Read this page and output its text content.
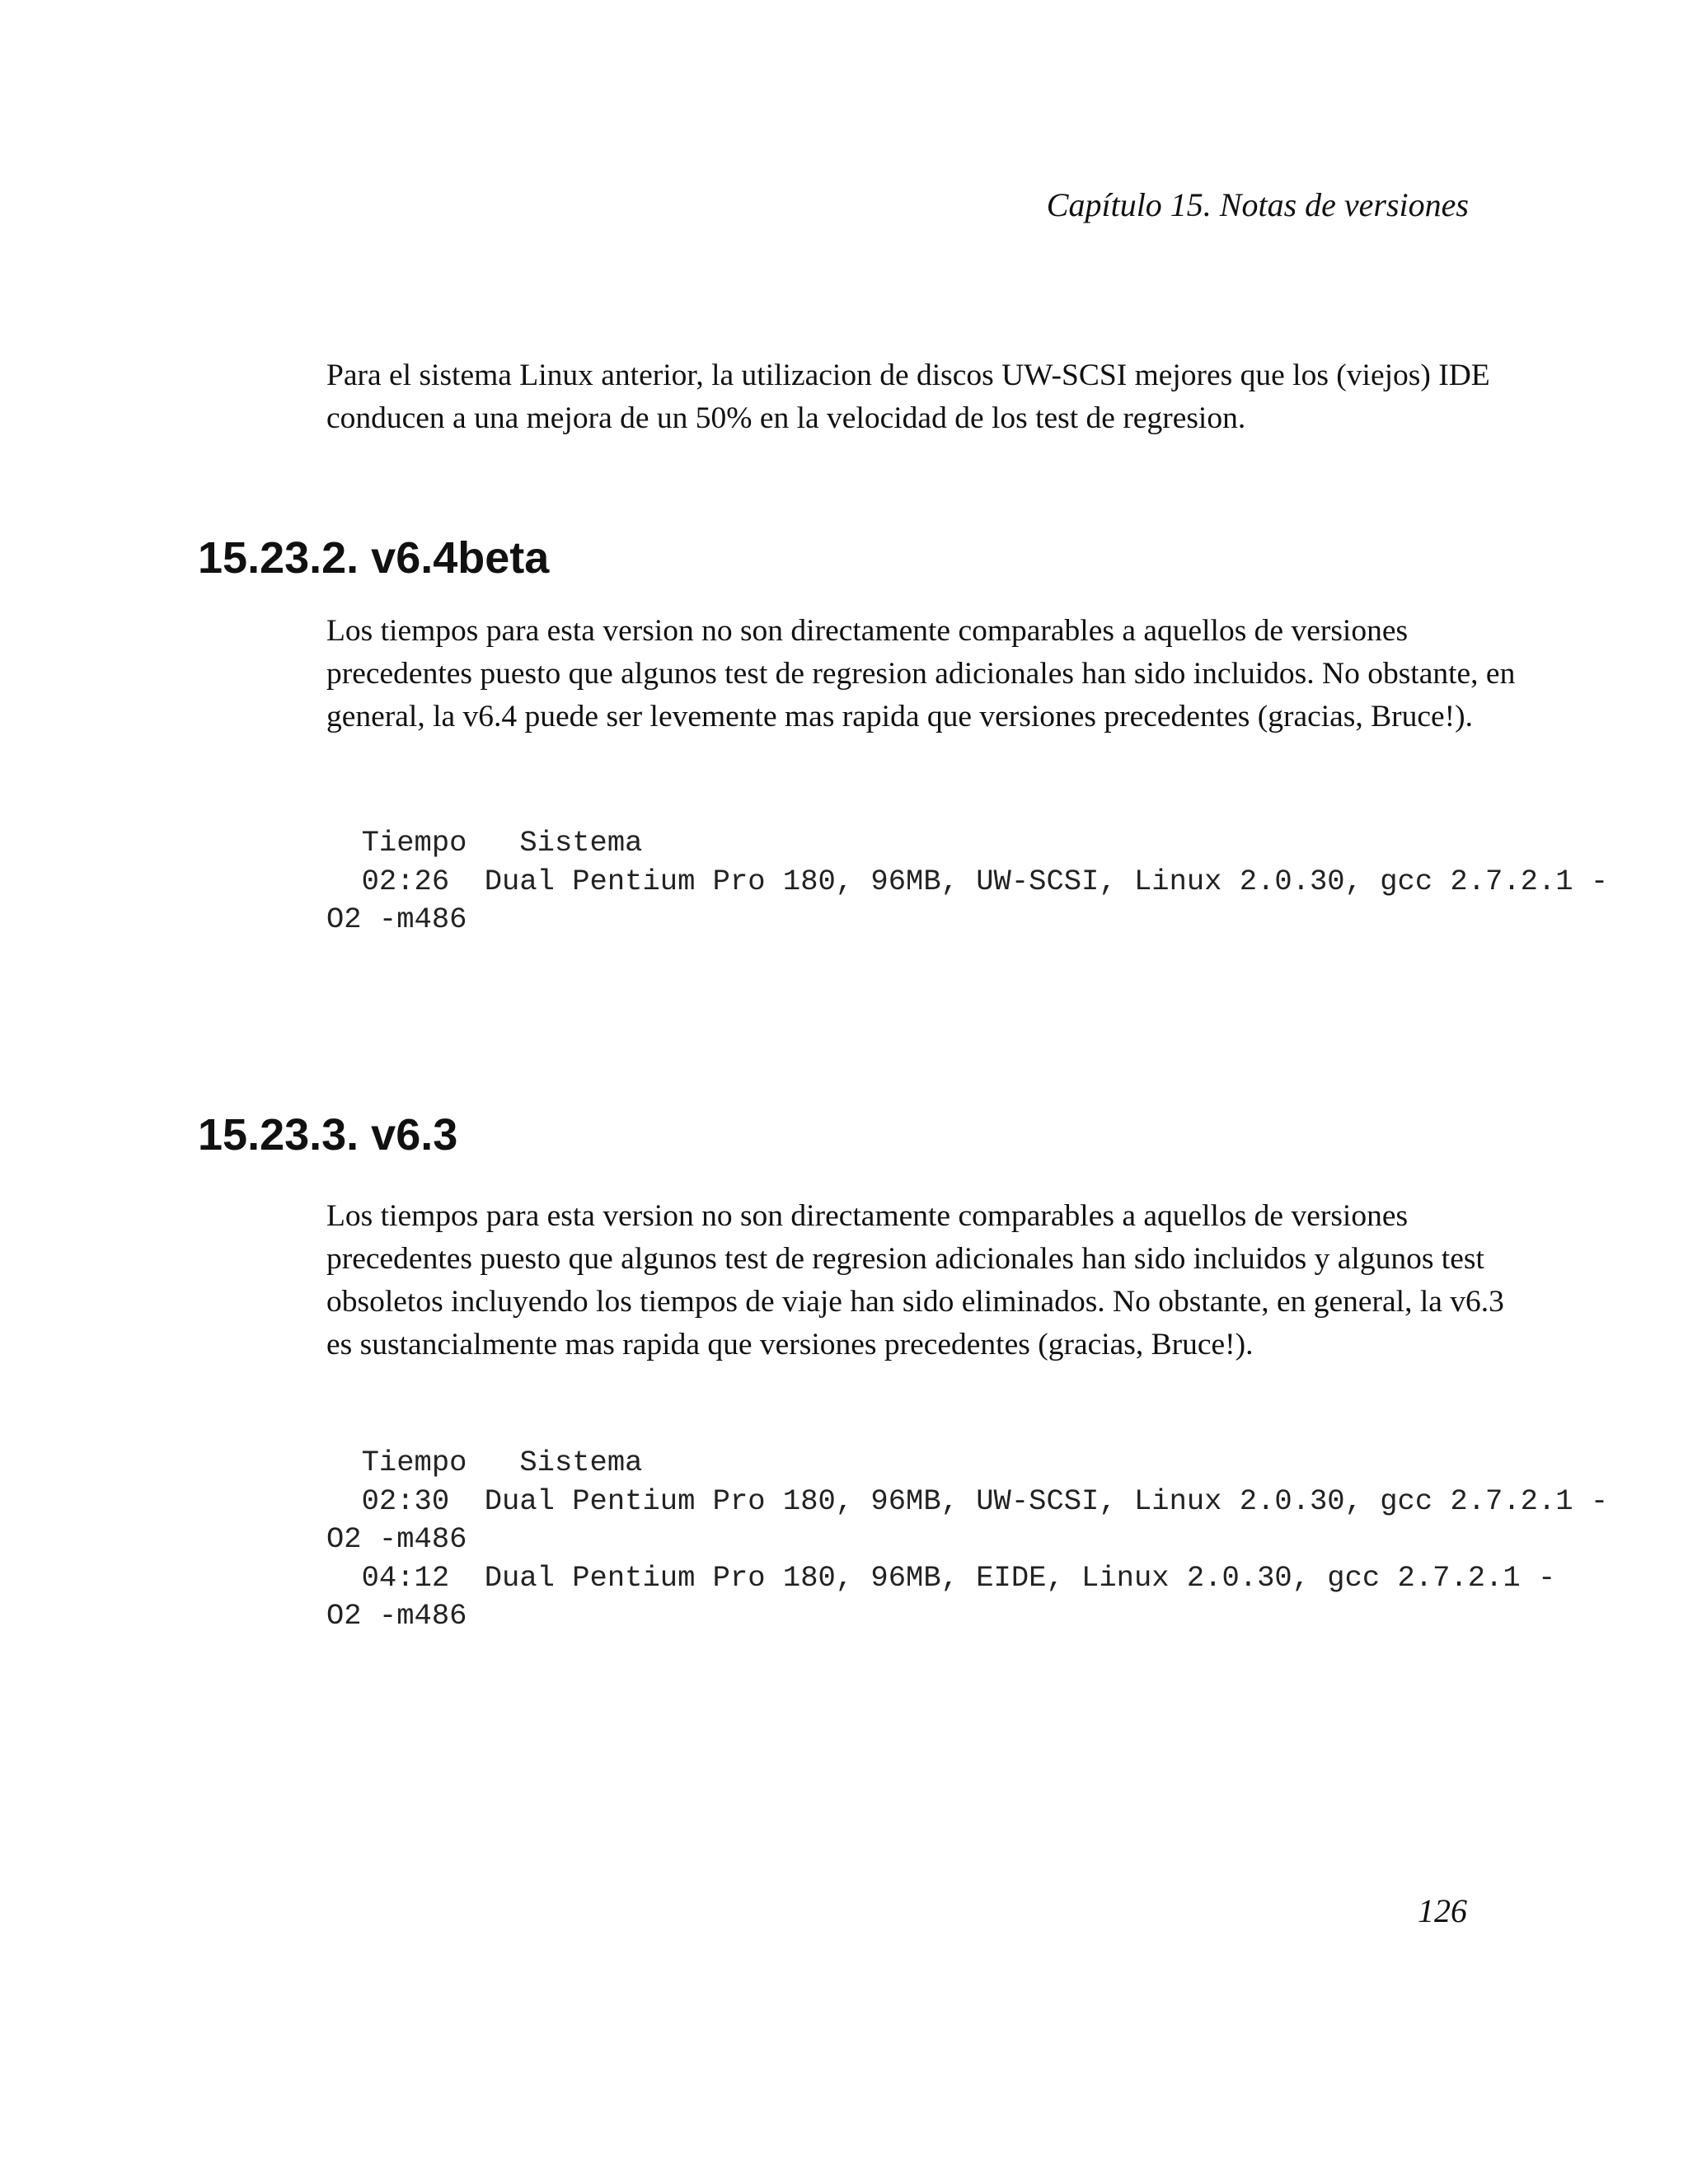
Capítulo 15. Notas de versiones

Para el sistema Linux anterior, la utilizacion de discos UW-SCSI mejores que los (viejos) IDE conducen a una mejora de un 50% en la velocidad de los test de regresion.

15.23.2. v6.4beta

Los tiempos para esta version no son directamente comparables a aquellos de versiones precedentes puesto que algunos test de regresion adicionales han sido incluidos. No obstante, en general, la v6.4 puede ser levemente mas rapida que versiones precedentes (gracias, Bruce!).

Tiempo   Sistema
02:26  Dual Pentium Pro 180, 96MB, UW-SCSI, Linux 2.0.30, gcc 2.7.2.1 -
O2 -m486
15.23.3. v6.3

Los tiempos para esta version no son directamente comparables a aquellos de versiones precedentes puesto que algunos test de regresion adicionales han sido incluidos y algunos test obsoletos incluyendo los tiempos de viaje han sido eliminados. No obstante, en general, la v6.3 es sustancialmente mas rapida que versiones precedentes (gracias, Bruce!).

Tiempo   Sistema
02:30  Dual Pentium Pro 180, 96MB, UW-SCSI, Linux 2.0.30, gcc 2.7.2.1 -
O2 -m486
04:12  Dual Pentium Pro 180, 96MB, EIDE, Linux 2.0.30, gcc 2.7.2.1 -
O2 -m486
126
